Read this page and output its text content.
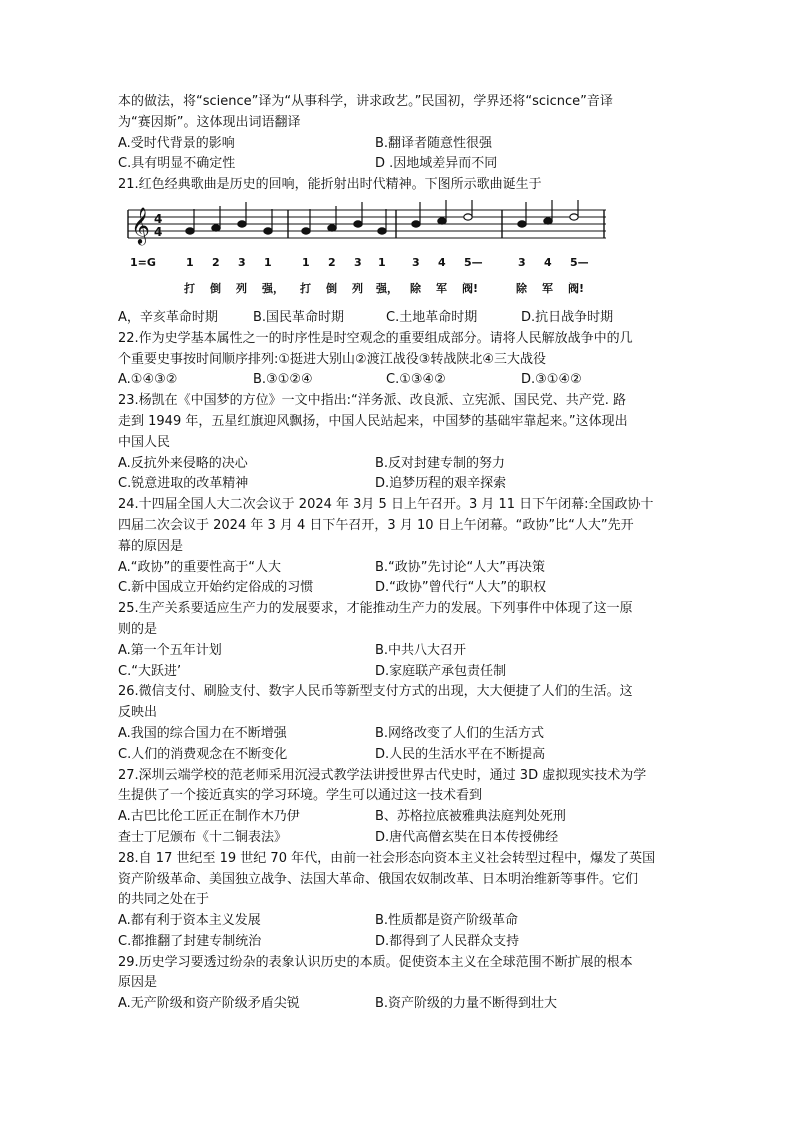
本的做法，将“science”译为“从事科学，讲求政艺。”民国初，学界还将“scicnce”音译
为“赛因斯”。这体现出词语翻译
A.受时代背景的影响	B.翻译者随意性很强
C.具有明显不确定性	D .因地域差异而不同
21.红色经典歌曲是历史的回响，能折射出时代精神。下图所示歌曲诞生于
𝄞 4
4
1=G	1 2 3 1	1 2 3 1 3 4 5—	3 4 5—
打 倒 列 强， 打 倒 列 强， 除 军 阀!	除 军 阀!
A，辛亥革命时期	B.国民革命时期	C.土地革命时期	D.抗日战争时期
22.作为史学基本属性之一的时序性是时空观念的重要组成部分。请将人民解放战争中的几
个重要史事按时间顺序排列:①挺进大别山②渡江战役③转战陕北④三大战役
A.①④③②	B.③①②④	C.①③④②	D.③①④②
23.杨凯在《中国梦的方位》一文中指出:“洋务派、改良派、立宪派、国民党、共产党. 路
走到 1949 年，五星红旗迎风飘扬，中国人民站起来，中国梦的基础牢靠起来。”这体现出
中国人民
A.反抗外来侵略的决心	B.反对封建专制的努力
C.锐意进取的改革精神	D.追梦历程的艰辛探索
24.十四届全国人大二次会议于 2024 年 3月 5 日上午召开。3 月 11 日下午闭幕:全国政协十
四届二次会议于 2024 年 3 月 4 日下午召开，3 月 10 日上午闭幕。“政协”比“人大”先开
幕的原因是
A.“政协”的重要性高于“人大	B.“政协”先讨论“人大”再决策
C.新中国成立开始约定俗成的习惯	D.“政协”曾代行“人大”的职权
25.生产关系要适应生产力的发展要求，才能推动生产力的发展。下列事件中体现了这一原
则的是
A.第一个五年计划	B.中共八大召开
C.“大跃进’	D.家庭联产承包责任制
26.微信支付、刷脸支付、数字人民币等新型支付方式的出现，大大便捷了人们的生活。这
反映出
A.我国的综合国力在不断增强	B.网络改变了人们的生活方式
C.人们的消费观念在不断变化	D.人民的生活水平在不断提高
27.深圳云端学校的范老师采用沉浸式教学法讲授世界古代史时，通过 3D 虚拟现实技术为学
生提供了一个接近真实的学习环境。学生可以通过这一技术看到
A.古巴比伦工匠正在制作木乃伊	B、苏格拉底被雅典法庭判处死刑
查士丁尼颁布《十二铜表法》	D.唐代高僧玄奘在日本传授佛经
28.自 17 世纪至 19 世纪 70 年代，由前一社会形态向资本主义社会转型过程中，爆发了英国
资产阶级革命、美国独立战争、法国大革命、俄国农奴制改革、日本明治维新等事件。它们
的共同之处在于
A.都有利于资本主义发展	B.性质都是资产阶级革命
C.都推翻了封建专制统治	D.都得到了人民群众支持
29.历史学习要透过纷杂的表象认识历史的本质。促使资本主义在全球范围不断扩展的根本
原因是
A.无产阶级和资产阶级矛盾尖锐	B.资产阶级的力量不断得到壮大
